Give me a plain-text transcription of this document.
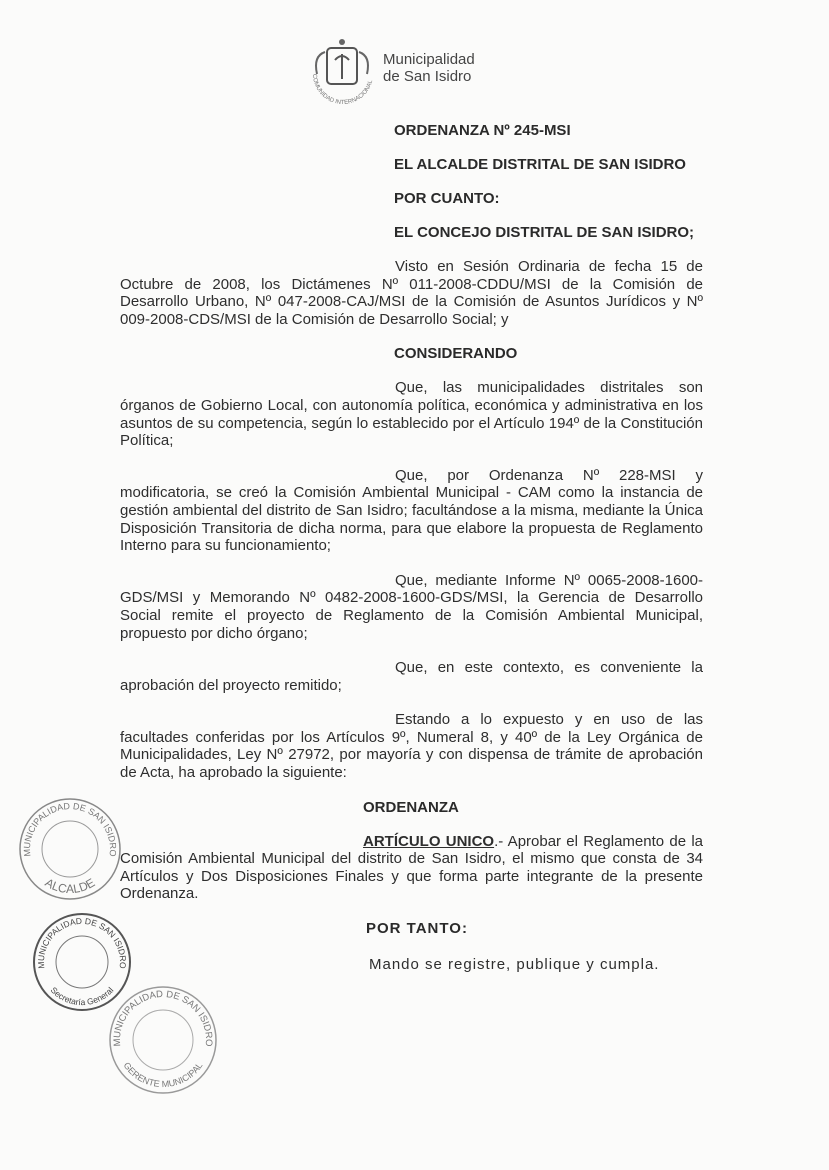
COMUNIDAD INTERNACIONAL
Municipalidad
de San Isidro
ORDENANZA Nº 245-MSI
EL ALCALDE DISTRITAL DE SAN ISIDRO
POR CUANTO:
EL CONCEJO DISTRITAL DE SAN ISIDRO;
Visto en Sesión Ordinaria de fecha 15 de Octubre de 2008, los Dictámenes Nº 011-2008-CDDU/MSI de la Comisión de Desarrollo Urbano, Nº 047-2008-CAJ/MSI de la Comisión de Asuntos Jurídicos y Nº 009-2008-CDS/MSI de la Comisión de Desarrollo Social; y
CONSIDERANDO
Que, las municipalidades distritales son órganos de Gobierno Local, con autonomía política, económica y administrativa en los asuntos de su competencia, según lo establecido por el Artículo 194º de la Constitución Política;
Que, por Ordenanza Nº 228-MSI y modificatoria, se creó la Comisión Ambiental Municipal - CAM como la instancia de gestión ambiental del distrito de San Isidro; facultándose a la misma, mediante la Única Disposición Transitoria de dicha norma, para que elabore la propuesta de Reglamento Interno para su funcionamiento;
Que, mediante Informe Nº 0065-2008-1600-GDS/MSI y Memorando Nº 0482-2008-1600-GDS/MSI, la Gerencia de Desarrollo Social remite el proyecto de Reglamento de la Comisión Ambiental Municipal, propuesto por dicho órgano;
Que, en este contexto, es conveniente la aprobación del proyecto remitido;
Estando a lo expuesto y en uso de las facultades conferidas por los Artículos 9º, Numeral 8, y 40º de la Ley Orgánica de Municipalidades, Ley Nº 27972, por mayoría y con dispensa de trámite de aprobación de Acta, ha aprobado la siguiente:
ORDENANZA
ARTÍCULO UNICO.- Aprobar el Reglamento de la Comisión Ambiental Municipal del distrito de San Isidro, el mismo que consta de 34 Artículos y Dos Disposiciones Finales y que forma parte integrante de la presente Ordenanza.
POR TANTO:
Mando se registre, publique y cumpla.
MUNICIPALIDAD DE SAN ISIDRO
ALCALDE
MUNICIPALIDAD DE SAN ISIDRO
Secretaría General
MUNICIPALIDAD DE SAN ISIDRO
GERENTE MUNICIPAL
